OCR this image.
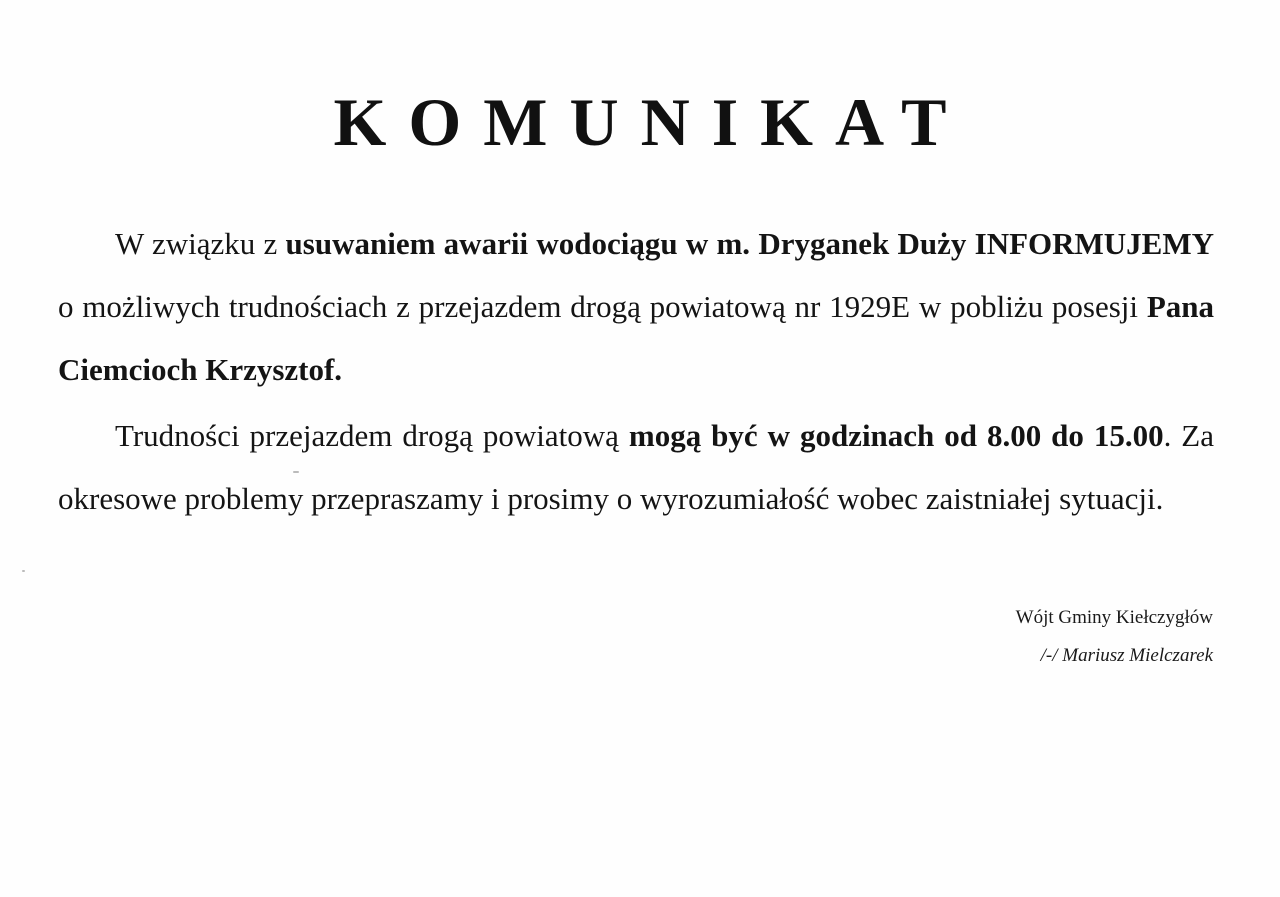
KOMUNIKAT
W związku z usuwaniem awarii wodociągu w m. Dryganek Duży INFORMUJEMY o możliwych trudnościach z przejazdem drogą powiatową nr 1929E w pobliżu posesji Pana Ciemcioch Krzysztof.
Trudności przejazdem drogą powiatową mogą być w godzinach od 8.00 do 15.00. Za okresowe problemy przepraszamy i prosimy o wyrozumiałość wobec zaistniałej sytuacji.
Wójt Gminy Kiełczygłów
/-/ Mariusz Mielczarek
